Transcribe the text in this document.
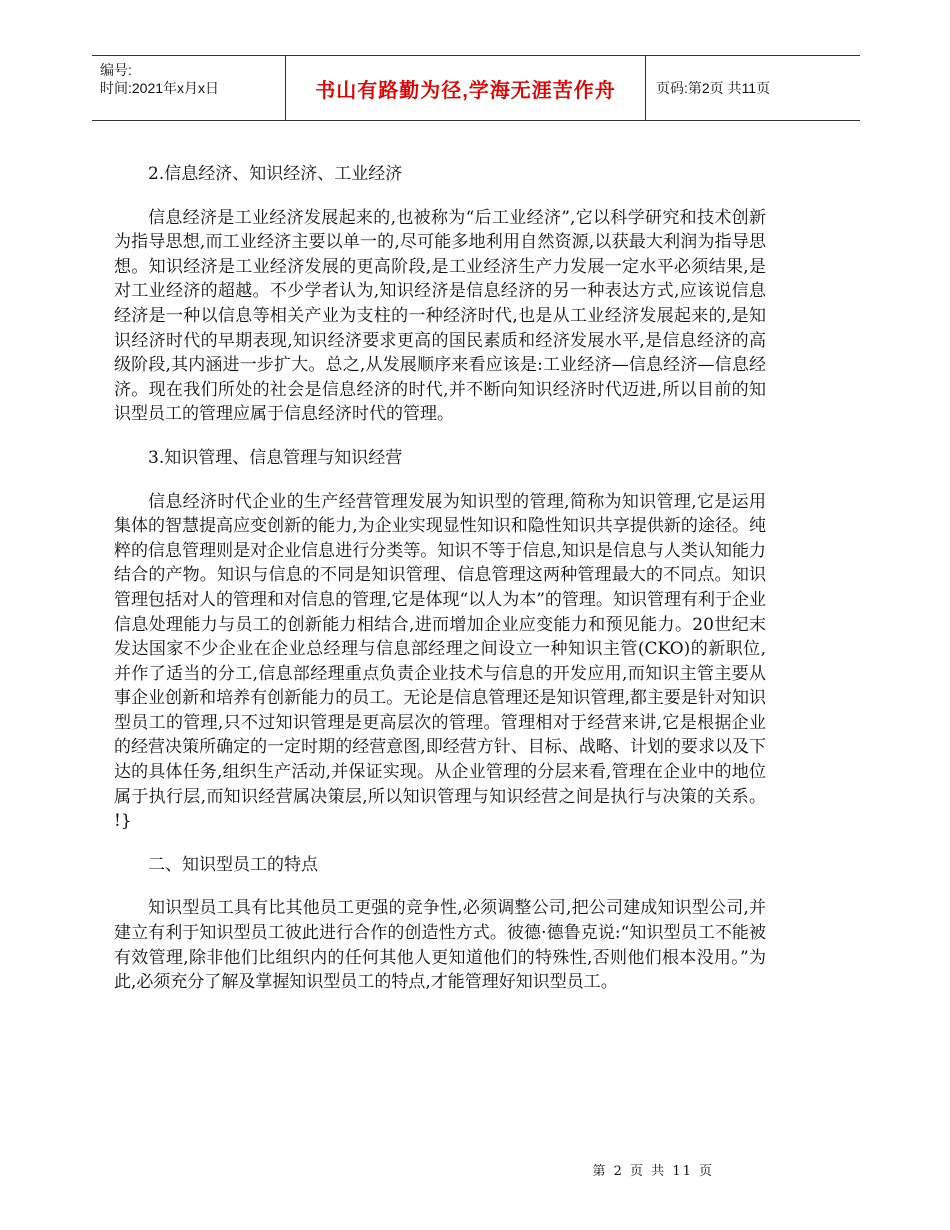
编号:
时间:2021年x月x日	书山有路勤为径,学海无涯苦作舟	页码:第2页 共11页

2.信息经济、知识经济、工业经济

信息经济是工业经济发展起来的,也被称为“后工业经济”,它以科学研究和技术创新为指导思想,而工业经济主要以单一的,尽可能多地利用自然资源,以获最大利润为指导思想。知识经济是工业经济发展的更高阶段,是工业经济生产力发展一定水平必须结果,是对工业经济的超越。不少学者认为,知识经济是信息经济的另一种表达方式,应该说信息经济是一种以信息等相关产业为支柱的一种经济时代,也是从工业经济发展起来的,是知识经济时代的早期表现,知识经济要求更高的国民素质和经济发展水平,是信息经济的高级阶段,其内涵进一步扩大。总之,从发展顺序来看应该是:工业经济—信息经济—信息经济。现在我们所处的社会是信息经济的时代,并不断向知识经济时代迈进,所以目前的知识型员工的管理应属于信息经济时代的管理。

3.知识管理、信息管理与知识经营

信息经济时代企业的生产经营管理发展为知识型的管理,简称为知识管理,它是运用集体的智慧提高应变创新的能力,为企业实现显性知识和隐性知识共享提供新的途径。纯粹的信息管理则是对企业信息进行分类等。知识不等于信息,知识是信息与人类认知能力结合的产物。知识与信息的不同是知识管理、信息管理这两种管理最大的不同点。知识管理包括对人的管理和对信息的管理,它是体现“以人为本”的管理。知识管理有利于企业信息处理能力与员工的创新能力相结合,进而增加企业应变能力和预见能力。20世纪末发达国家不少企业在企业总经理与信息部经理之间设立一种知识主管(CKO)的新职位,并作了适当的分工,信息部经理重点负责企业技术与信息的开发应用,而知识主管主要从事企业创新和培养有创新能力的员工。无论是信息管理还是知识管理,都主要是针对知识型员工的管理,只不过知识管理是更高层次的管理。管理相对于经营来讲,它是根据企业的经营决策所确定的一定时期的经营意图,即经营方针、目标、战略、计划的要求以及下达的具体任务,组织生产活动,并保证实现。从企业管理的分层来看,管理在企业中的地位属于执行层,而知识经营属决策层,所以知识管理与知识经营之间是执行与决策的关系。 !}

二、知识型员工的特点

知识型员工具有比其他员工更强的竞争性,必须调整公司,把公司建成知识型公司,并建立有利于知识型员工彼此进行合作的创造性方式。彼德·德鲁克说:“知识型员工不能被有效管理,除非他们比组织内的任何其他人更知道他们的特殊性,否则他们根本没用。”为此,必须充分了解及掌握知识型员工的特点,才能管理好知识型员工。

第 2 页 共 11 页
